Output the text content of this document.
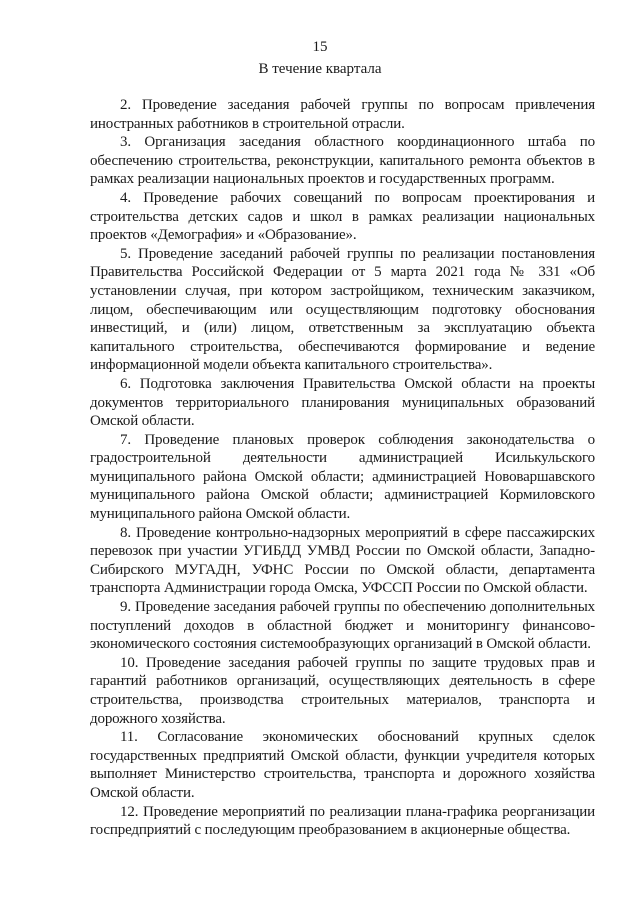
15
В течение квартала

2. Проведение заседания рабочей группы по вопросам привлечения иностранных работников в строительной отрасли.

3. Организация заседания областного координационного штаба по обеспечению строительства, реконструкции, капитального ремонта объектов в рамках реализации национальных проектов и государственных программ.

4. Проведение рабочих совещаний по вопросам проектирования и строительства детских садов и школ в рамках реализации национальных проектов «Демография» и «Образование».

5. Проведение заседаний рабочей группы по реализации постановления Правительства Российской Федерации от 5 марта 2021 года № 331 «Об установлении случая, при котором застройщиком, техническим заказчиком, лицом, обеспечивающим или осуществляющим подготовку обоснования инвестиций, и (или) лицом, ответственным за эксплуатацию объекта капитального строительства, обеспечиваются формирование и ведение информационной модели объекта капитального строительства».

6. Подготовка заключения Правительства Омской области на проекты документов территориального планирования муниципальных образований Омской области.

7. Проведение плановых проверок соблюдения законодательства о градостроительной деятельности администрацией Исилькульского муниципального района Омской области; администрацией Нововаршавского муниципального района Омской области; администрацией Кормиловского муниципального района Омской области.

8. Проведение контрольно-надзорных мероприятий в сфере пассажирских перевозок при участии УГИБДД УМВД России по Омской области, Западно-Сибирского МУГАДН, УФНС России по Омской области, департамента транспорта Администрации города Омска, УФССП России по Омской области.

9. Проведение заседания рабочей группы по обеспечению дополнительных поступлений доходов в областной бюджет и мониторингу финансово-экономического состояния системообразующих организаций в Омской области.

10. Проведение заседания рабочей группы по защите трудовых прав и гарантий работников организаций, осуществляющих деятельность в сфере строительства, производства строительных материалов, транспорта и дорожного хозяйства.

11. Согласование экономических обоснований крупных сделок государственных предприятий Омской области, функции учредителя которых выполняет Министерство строительства, транспорта и дорожного хозяйства Омской области.

12. Проведение мероприятий по реализации плана-графика реорганизации госпредприятий с последующим преобразованием в акционерные общества.
